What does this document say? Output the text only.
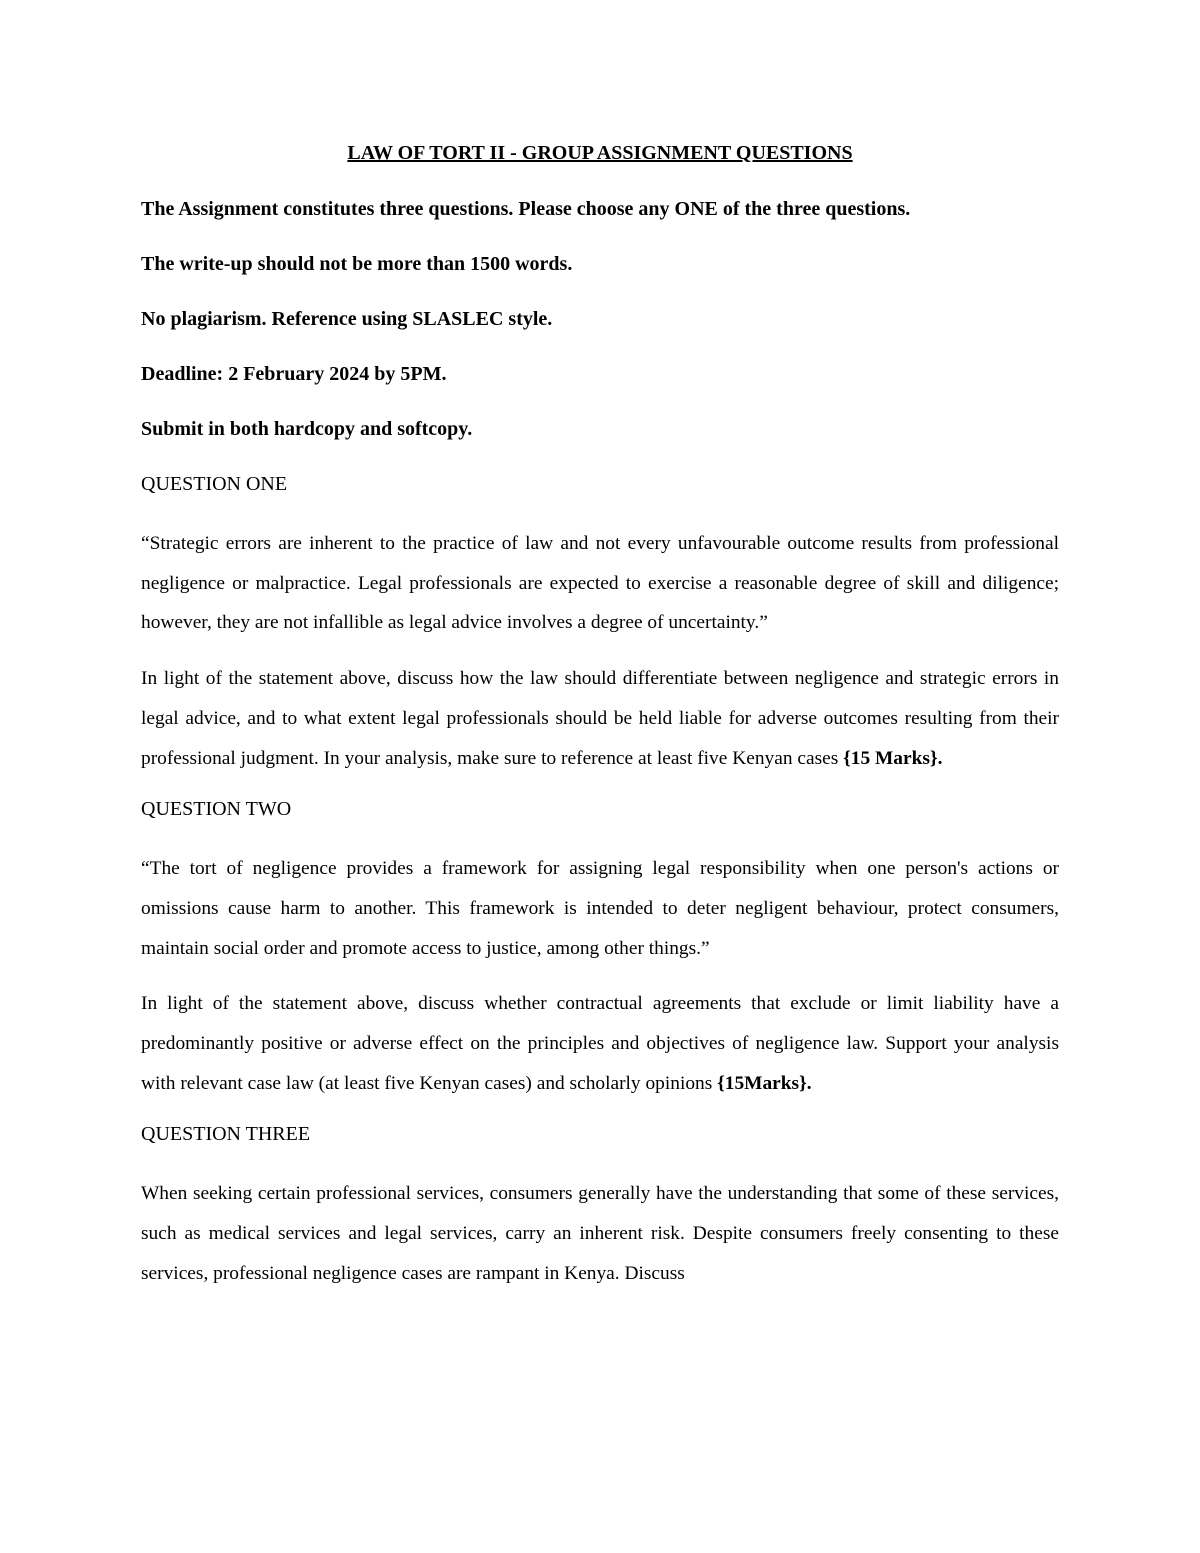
LAW OF TORT II - GROUP ASSIGNMENT QUESTIONS
The Assignment constitutes three questions. Please choose any ONE of the three questions.
The write-up should not be more than 1500 words.
No plagiarism. Reference using SLASLEC style.
Deadline: 2 February 2024 by 5PM.
Submit in both hardcopy and softcopy.
QUESTION ONE
“Strategic errors are inherent to the practice of law and not every unfavourable outcome results from professional negligence or malpractice. Legal professionals are expected to exercise a reasonable degree of skill and diligence; however, they are not infallible as legal advice involves a degree of uncertainty.”
In light of the statement above, discuss how the law should differentiate between negligence and strategic errors in legal advice, and to what extent legal professionals should be held liable for adverse outcomes resulting from their professional judgment. In your analysis, make sure to reference at least five Kenyan cases {15 Marks}.
QUESTION TWO
“The tort of negligence provides a framework for assigning legal responsibility when one person's actions or omissions cause harm to another. This framework is intended to deter negligent behaviour, protect consumers, maintain social order and promote access to justice, among other things.”
In light of the statement above, discuss whether contractual agreements that exclude or limit liability have a predominantly positive or adverse effect on the principles and objectives of negligence law. Support your analysis with relevant case law (at least five Kenyan cases) and scholarly opinions {15Marks}.
QUESTION THREE
When seeking certain professional services, consumers generally have the understanding that some of these services, such as medical services and legal services, carry an inherent risk. Despite consumers freely consenting to these services, professional negligence cases are rampant in Kenya. Discuss
